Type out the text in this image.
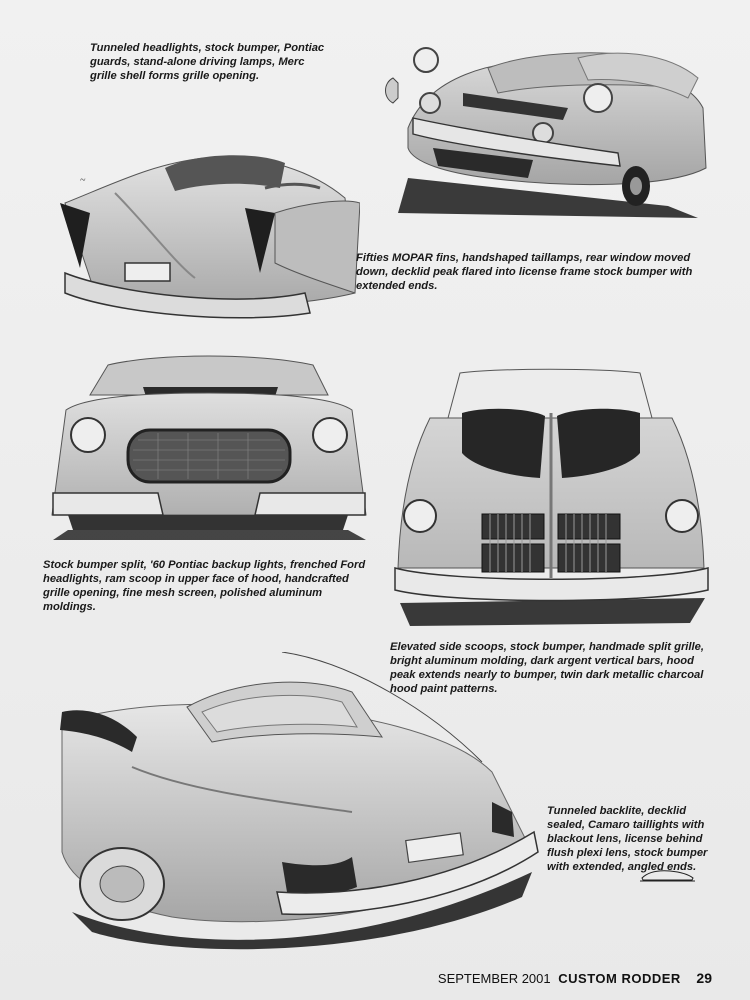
Tunneled headlights, stock bumper, Pontiac guards, stand-alone driving lamps, Merc grille shell forms grille opening.
~
Fifties MOPAR fins, handshaped taillamps, rear window moved down, decklid peak flared into license frame stock bumper with extended ends.
Stock bumper split, '60 Pontiac backup lights, frenched Ford headlights, ram scoop in upper face of hood, handcrafted grille opening, fine mesh screen, polished aluminum moldings.
Elevated side scoops, stock bumper, handmade split grille, bright aluminum molding, dark argent vertical bars, hood peak extends nearly to bumper, twin dark metallic charcoal hood paint patterns.
Tunneled backlite, decklid sealed, Camaro taillights with blackout lens, license behind flush plexi lens, stock bumper with extended, angled ends.
SEPTEMBER 2001 CUSTOM RODDER 29
